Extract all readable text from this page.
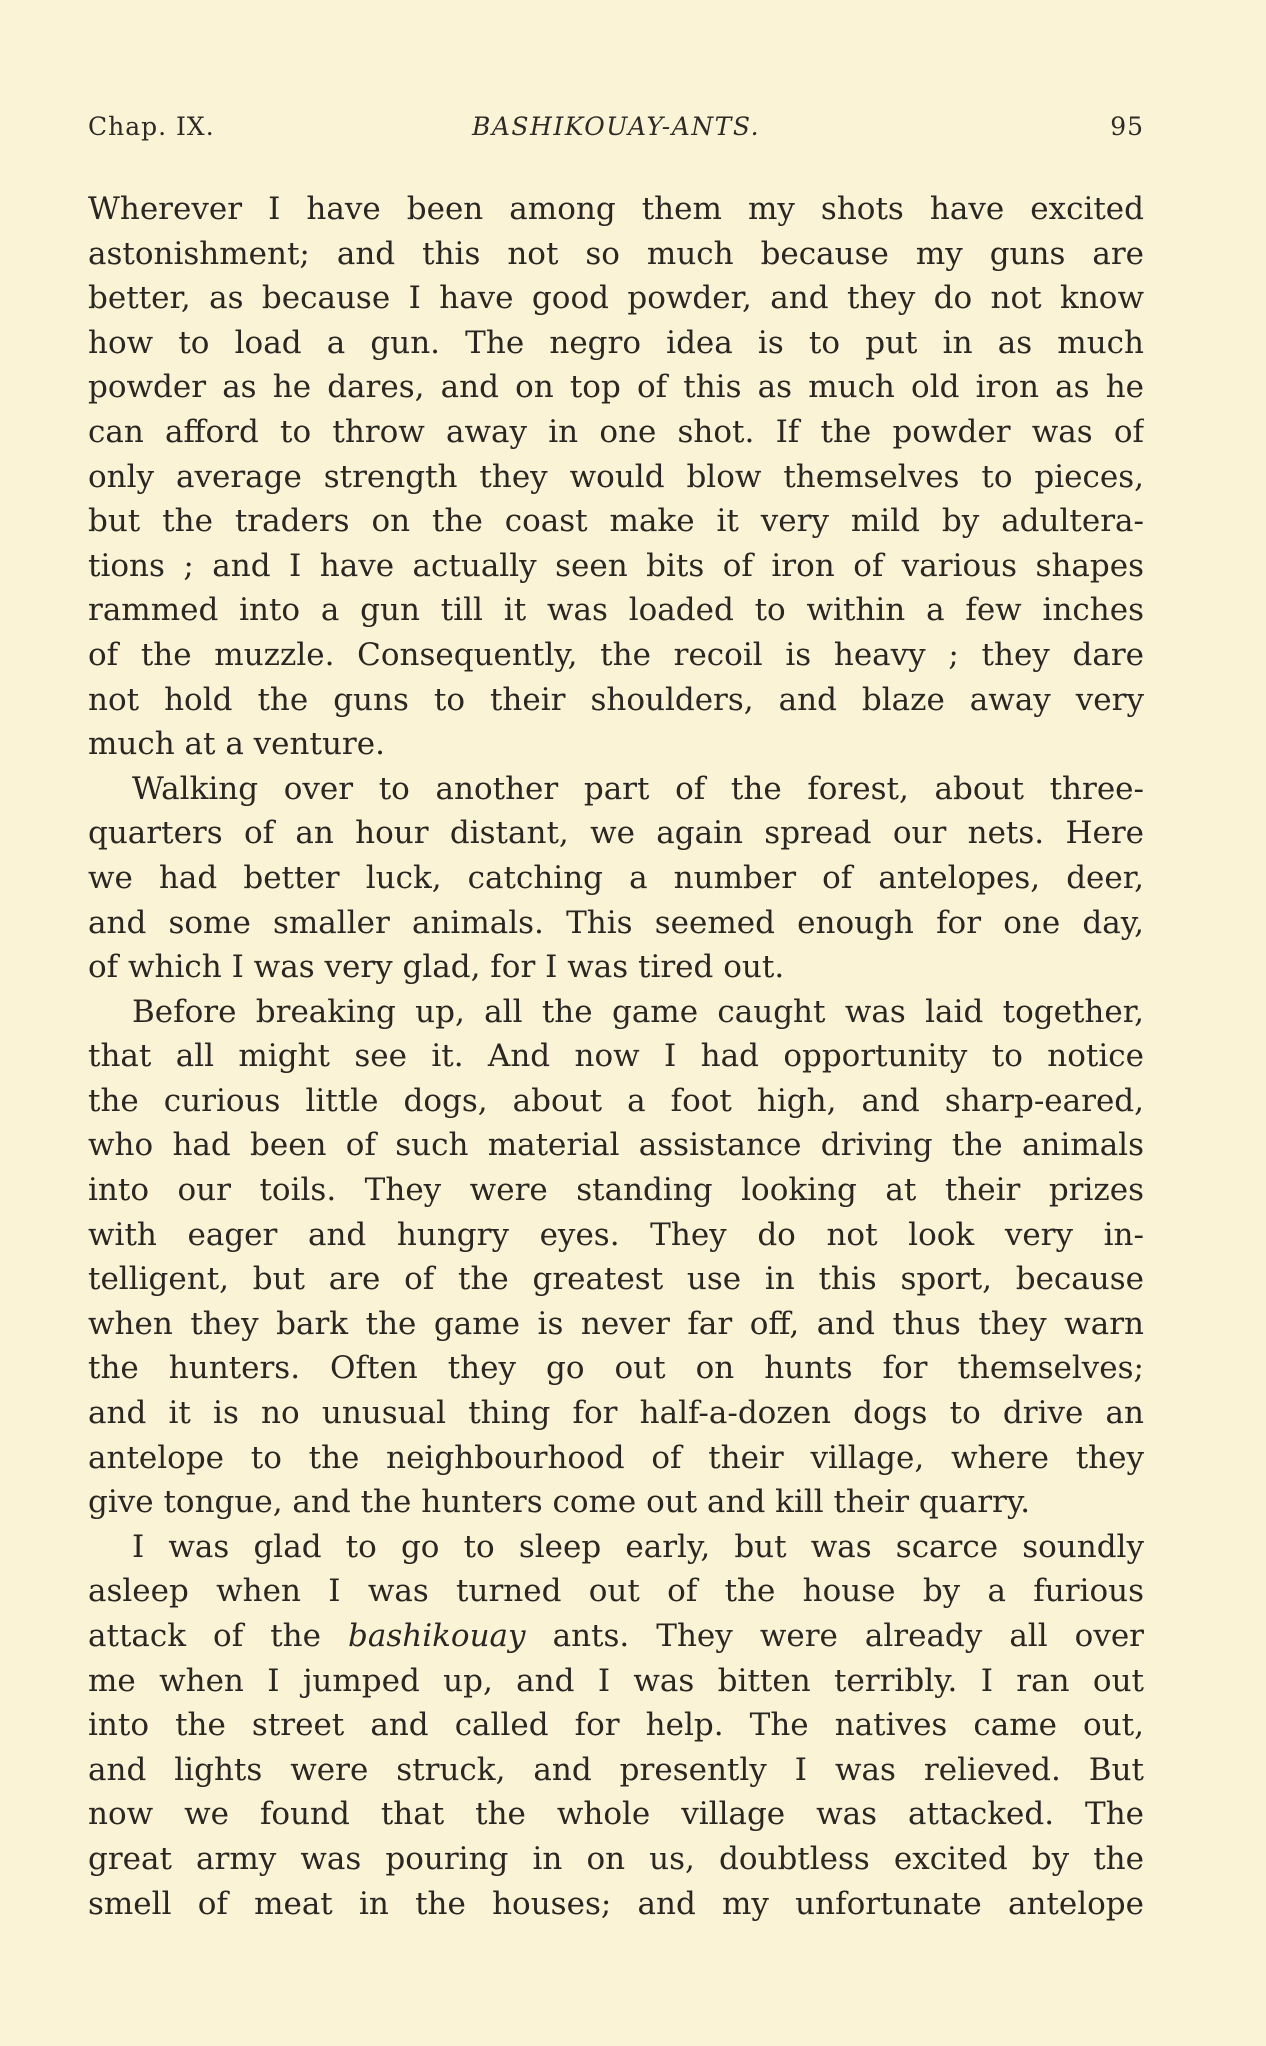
Chap. IX.	BASHIKOUAY-ANTS.	95
Wherever I have been among them my shots have excited
astonishment; and this not so much because my guns are
better, as because I have good powder, and they do not know
how to load a gun. The negro idea is to put in as much
powder as he dares, and on top of this as much old iron as he
can afford to throw away in one shot. If the powder was of
only average strength they would blow themselves to pieces,
but the traders on the coast make it very mild by adultera-
tions ; and I have actually seen bits of iron of various shapes
rammed into a gun till it was loaded to within a few inches
of the muzzle. Consequently, the recoil is heavy ; they dare
not hold the guns to their shoulders, and blaze away very
much at a venture.
Walking over to another part of the forest, about three-
quarters of an hour distant, we again spread our nets. Here
we had better luck, catching a number of antelopes, deer,
and some smaller animals. This seemed enough for one day,
of which I was very glad, for I was tired out.
Before breaking up, all the game caught was laid together,
that all might see it. And now I had opportunity to notice
the curious little dogs, about a foot high, and sharp-eared,
who had been of such material assistance driving the animals
into our toils. They were standing looking at their prizes
with eager and hungry eyes. They do not look very in-
telligent, but are of the greatest use in this sport, because
when they bark the game is never far off, and thus they warn
the hunters. Often they go out on hunts for themselves;
and it is no unusual thing for half-a-dozen dogs to drive an
antelope to the neighbourhood of their village, where they
give tongue, and the hunters come out and kill their quarry.
I was glad to go to sleep early, but was scarce soundly
asleep when I was turned out of the house by a furious
attack of the bashikouay ants. They were already all over
me when I jumped up, and I was bitten terribly. I ran out
into the street and called for help. The natives came out,
and lights were struck, and presently I was relieved. But
now we found that the whole village was attacked. The
great army was pouring in on us, doubtless excited by the
smell of meat in the houses; and my unfortunate antelope
